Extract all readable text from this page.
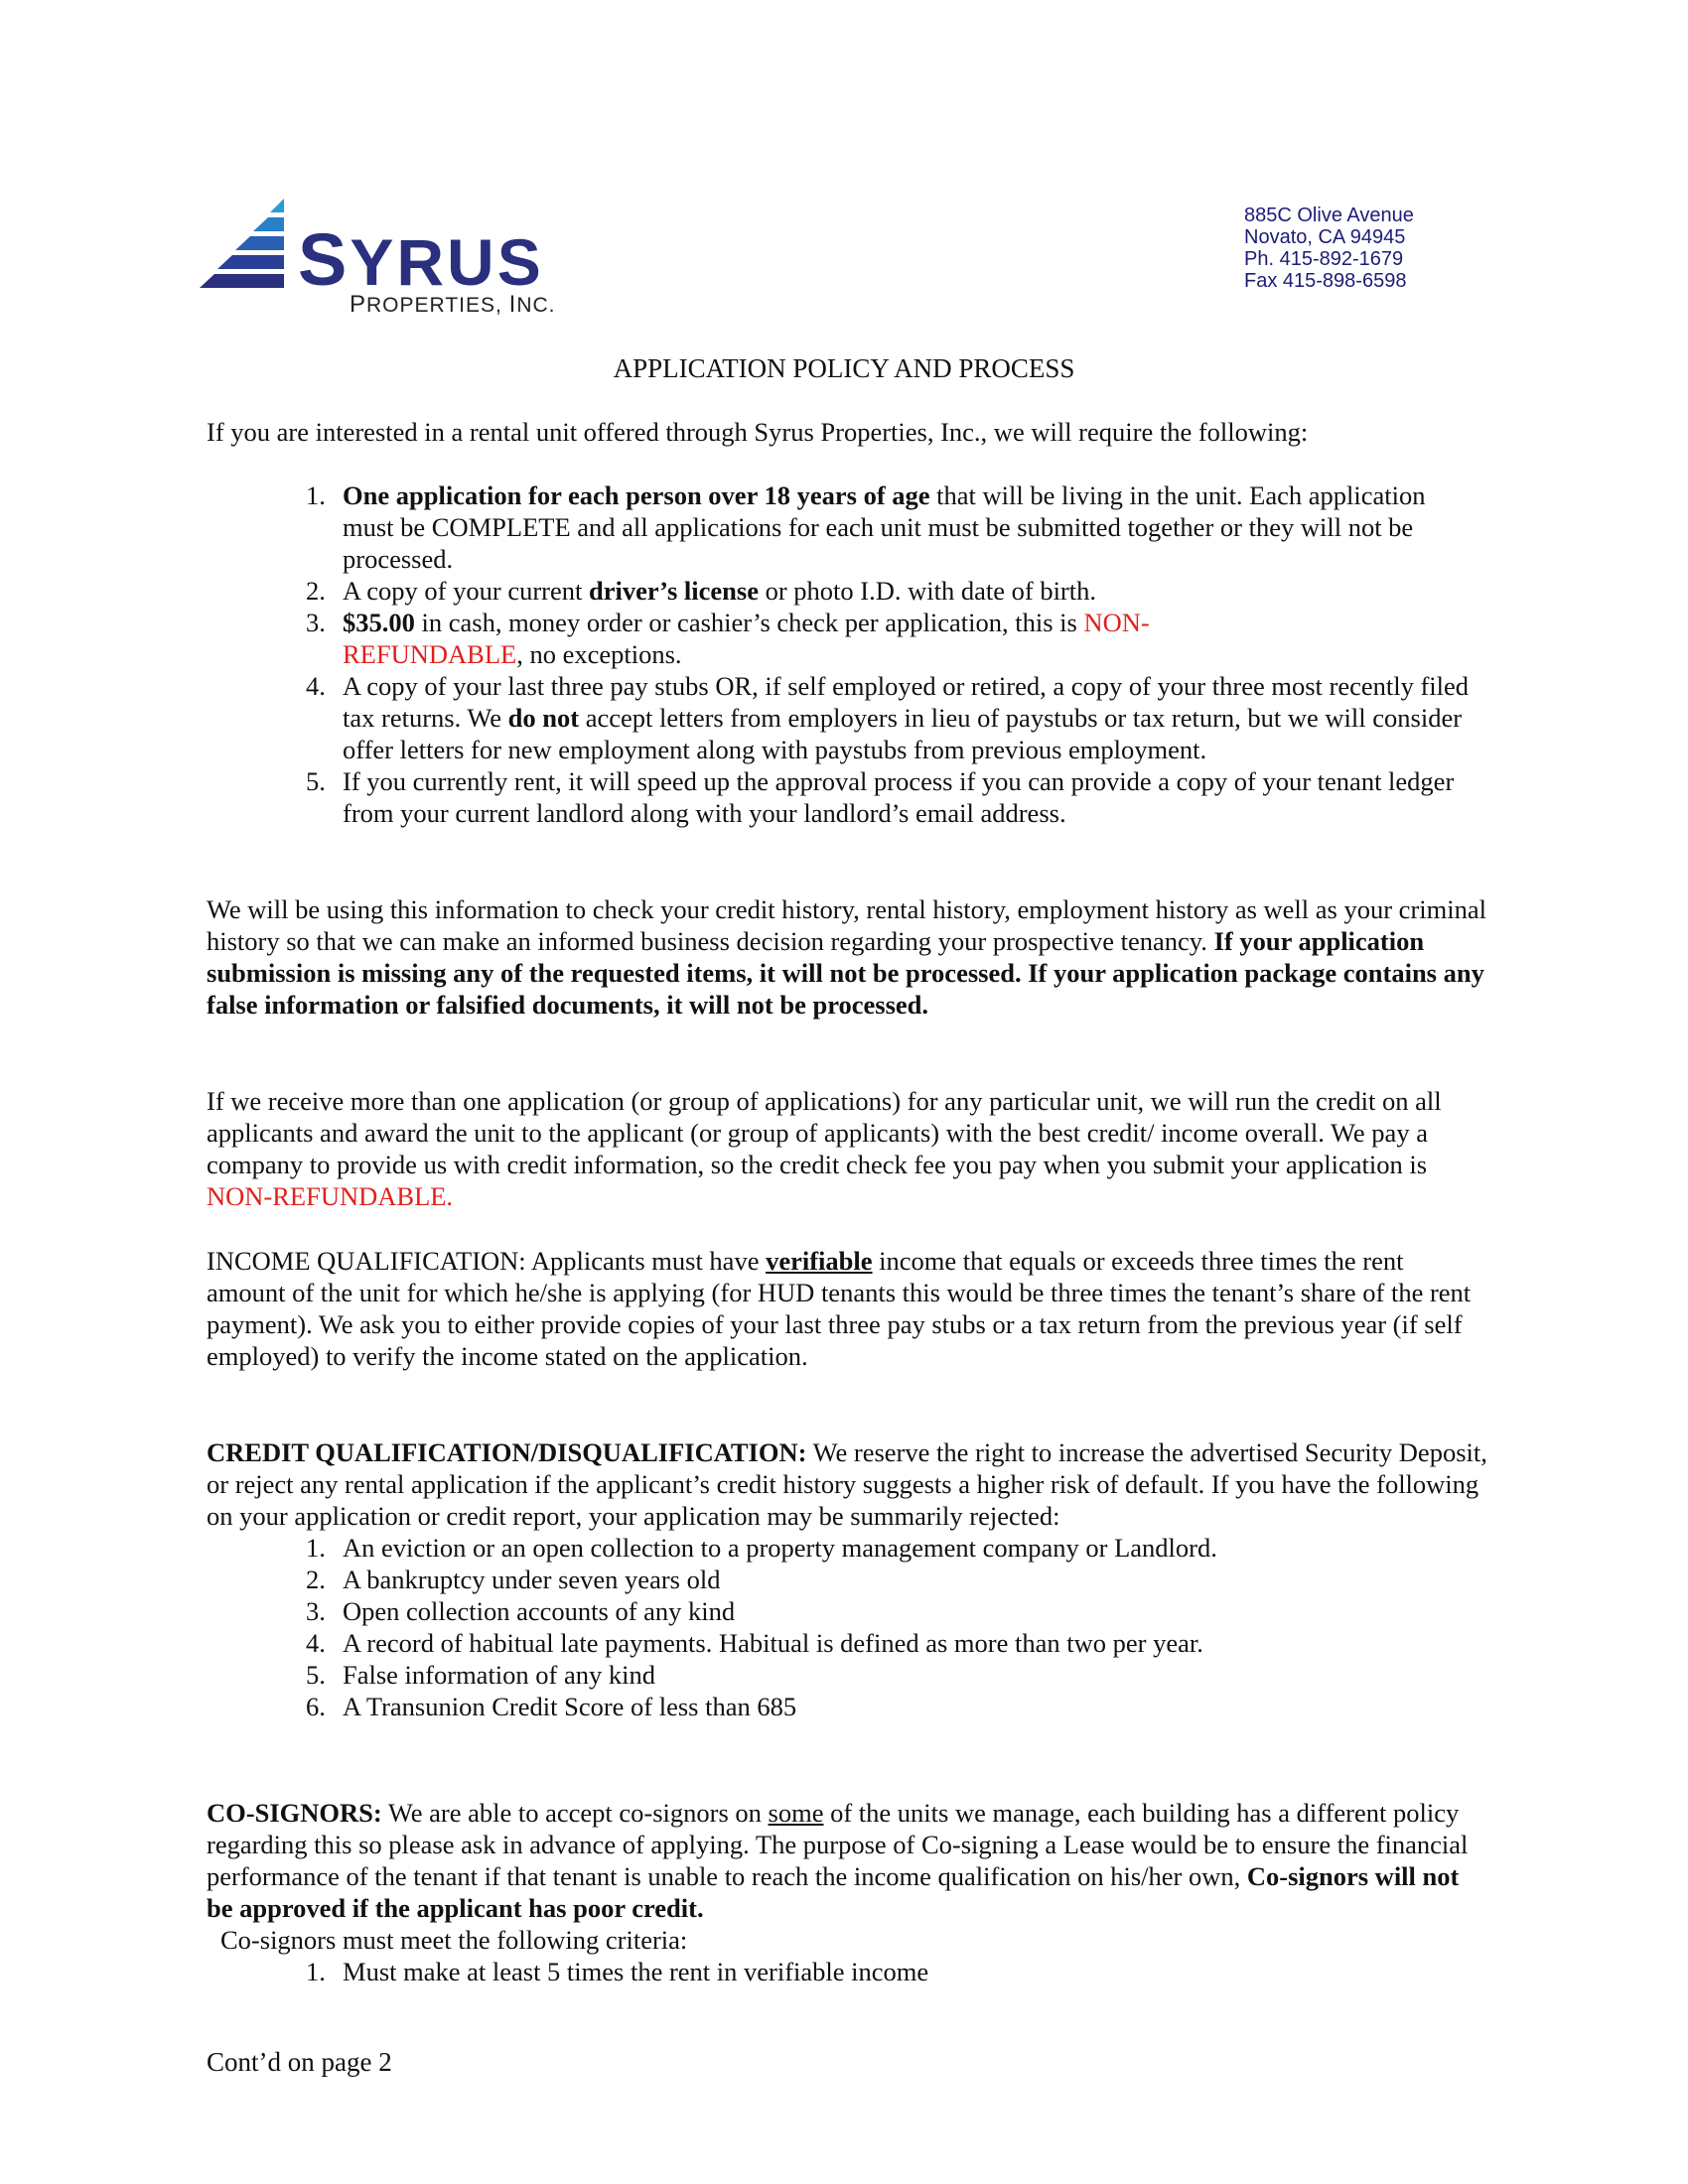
SYRUS
PROPERTIES, INC.
885C Olive Avenue
Novato, CA 94945
Ph. 415-892-1679
Fax 415-898-6598
APPLICATION POLICY AND PROCESS

If you are interested in a rental unit offered through Syrus Properties, Inc., we will require the following:

1. One application for each person over 18 years of age that will be living in the unit. Each application must be COMPLETE and all applications for each unit must be submitted together or they will not be processed.
2. A copy of your current driver’s license or photo I.D. with date of birth.
3. $35.00 in cash, money order or cashier’s check per application, this is NON-REFUNDABLE, no exceptions.
4. A copy of your last three pay stubs OR, if self employed or retired, a copy of your three most recently filed tax returns. We do not accept letters from employers in lieu of paystubs or tax return, but we will consider offer letters for new employment along with paystubs from previous employment.
5. If you currently rent, it will speed up the approval process if you can provide a copy of your tenant ledger from your current landlord along with your landlord’s email address.

We will be using this information to check your credit history, rental history, employment history as well as your criminal history so that we can make an informed business decision regarding your prospective tenancy. If your application submission is missing any of the requested items, it will not be processed. If your application package contains any false information or falsified documents, it will not be processed.

If we receive more than one application (or group of applications) for any particular unit, we will run the credit on all applicants and award the unit to the applicant (or group of applicants) with the best credit/ income overall. We pay a company to provide us with credit information, so the credit check fee you pay when you submit your application is NON-REFUNDABLE.

INCOME QUALIFICATION: Applicants must have verifiable income that equals or exceeds three times the rent amount of the unit for which he/she is applying (for HUD tenants this would be three times the tenant’s share of the rent payment). We ask you to either provide copies of your last three pay stubs or a tax return from the previous year (if self employed) to verify the income stated on the application.

CREDIT QUALIFICATION/DISQUALIFICATION: We reserve the right to increase the advertised Security Deposit, or reject any rental application if the applicant’s credit history suggests a higher risk of default. If you have the following on your application or credit report, your application may be summarily rejected:

1. An eviction or an open collection to a property management company or Landlord.
2. A bankruptcy under seven years old
3. Open collection accounts of any kind
4. A record of habitual late payments. Habitual is defined as more than two per year.
5. False information of any kind
6. A Transunion Credit Score of less than 685

CO-SIGNORS: We are able to accept co-signors on some of the units we manage, each building has a different policy regarding this so please ask in advance of applying. The purpose of Co-signing a Lease would be to ensure the financial performance of the tenant if that tenant is unable to reach the income qualification on his/her own, Co-signors will not be approved if the applicant has poor credit.

Co-signors must meet the following criteria:

1. Must make at least 5 times the rent in verifiable income
Cont’d on page 2
